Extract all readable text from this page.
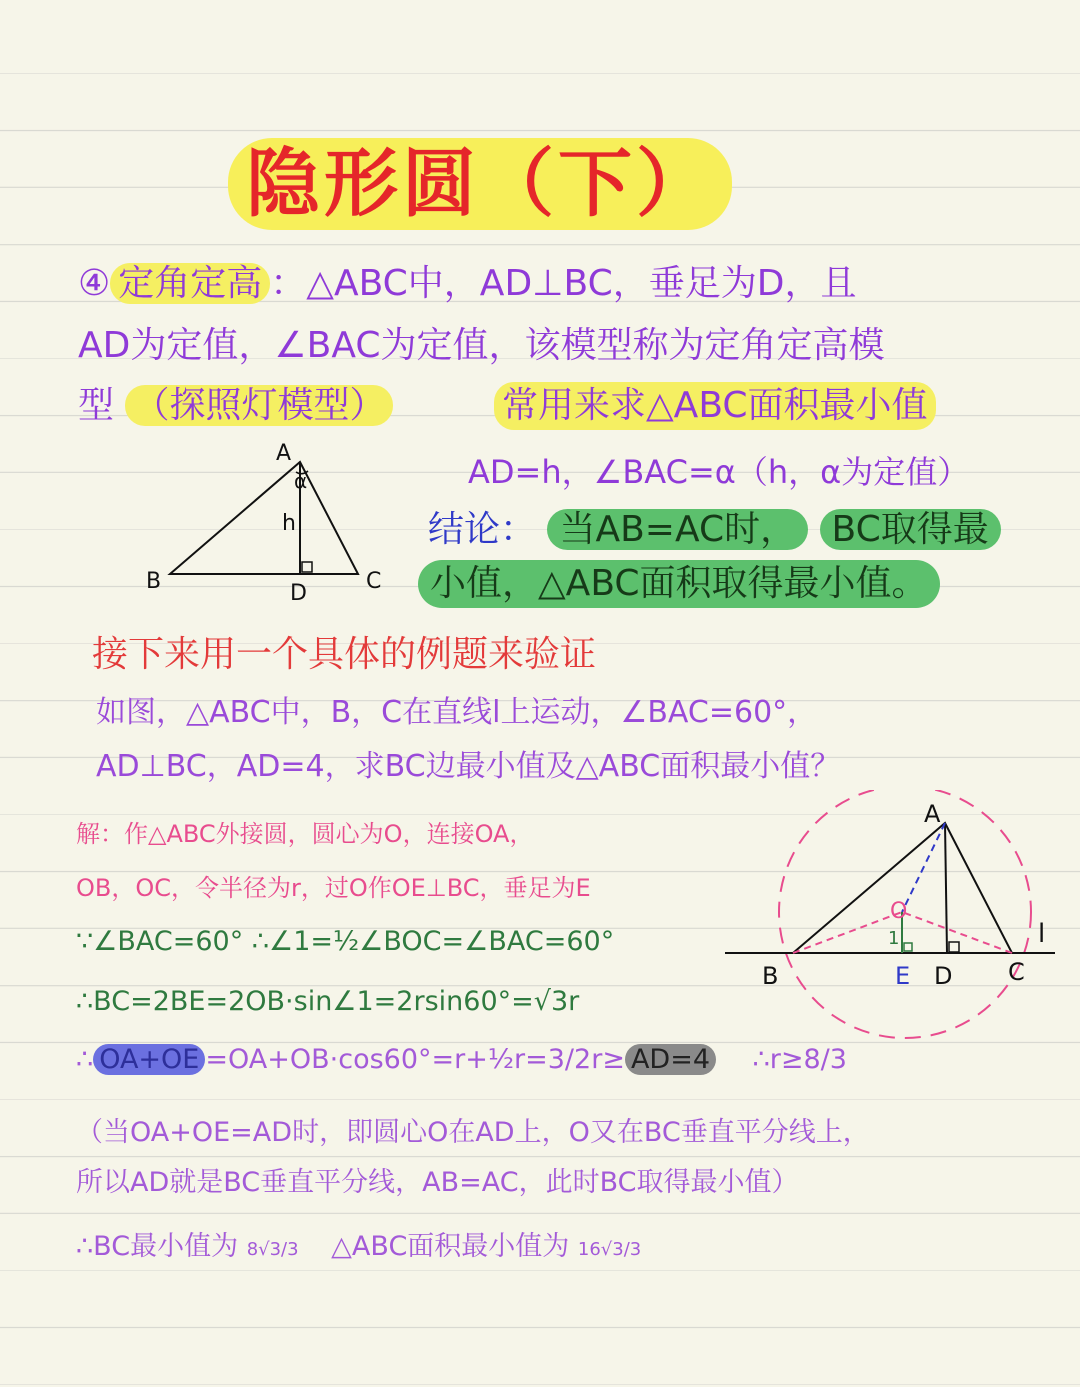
隐形圆（下）
④ 定角定高 ：△ABC中，AD⊥BC，垂足为D，且
AD为定值，∠BAC为定值，该模型称为定角定高模
型 （探照灯模型）	常用来求△ABC面积最小值
AD=h，∠BAC=α（h，α为定值）
结论： 当AB=AC时， BC取得最
小值，△ABC面积取得最小值。
A
B	C
D
h
α
接下来用一个具体的例题来验证
如图，△ABC中，B，C在直线l上运动，∠BAC=60°，
AD⊥BC，AD=4，求BC边最小值及△ABC面积最小值？
解：作△ABC外接圆，圆心为O，连接OA，
OB，OC，令半径为r，过O作OE⊥BC，垂足为E
∵∠BAC=60° ∴∠1=½∠BOC=∠BAC=60°
∴BC=2BE=2OB·sin∠1=2rsin60°=√3r
∴ OA+OE =OA+OB·cos60°=r+½r=3/2r≥ AD=4 ∴r≥8/3
（当OA+OE=AD时，即圆心O在AD上，O又在BC垂直平分线上，
所以AD就是BC垂直平分线，AB=AC，此时BC取得最小值）
∴BC最小值为 8√3/3 △ABC面积最小值为 16√3/3
A
B	C
D
E
O
1	l
